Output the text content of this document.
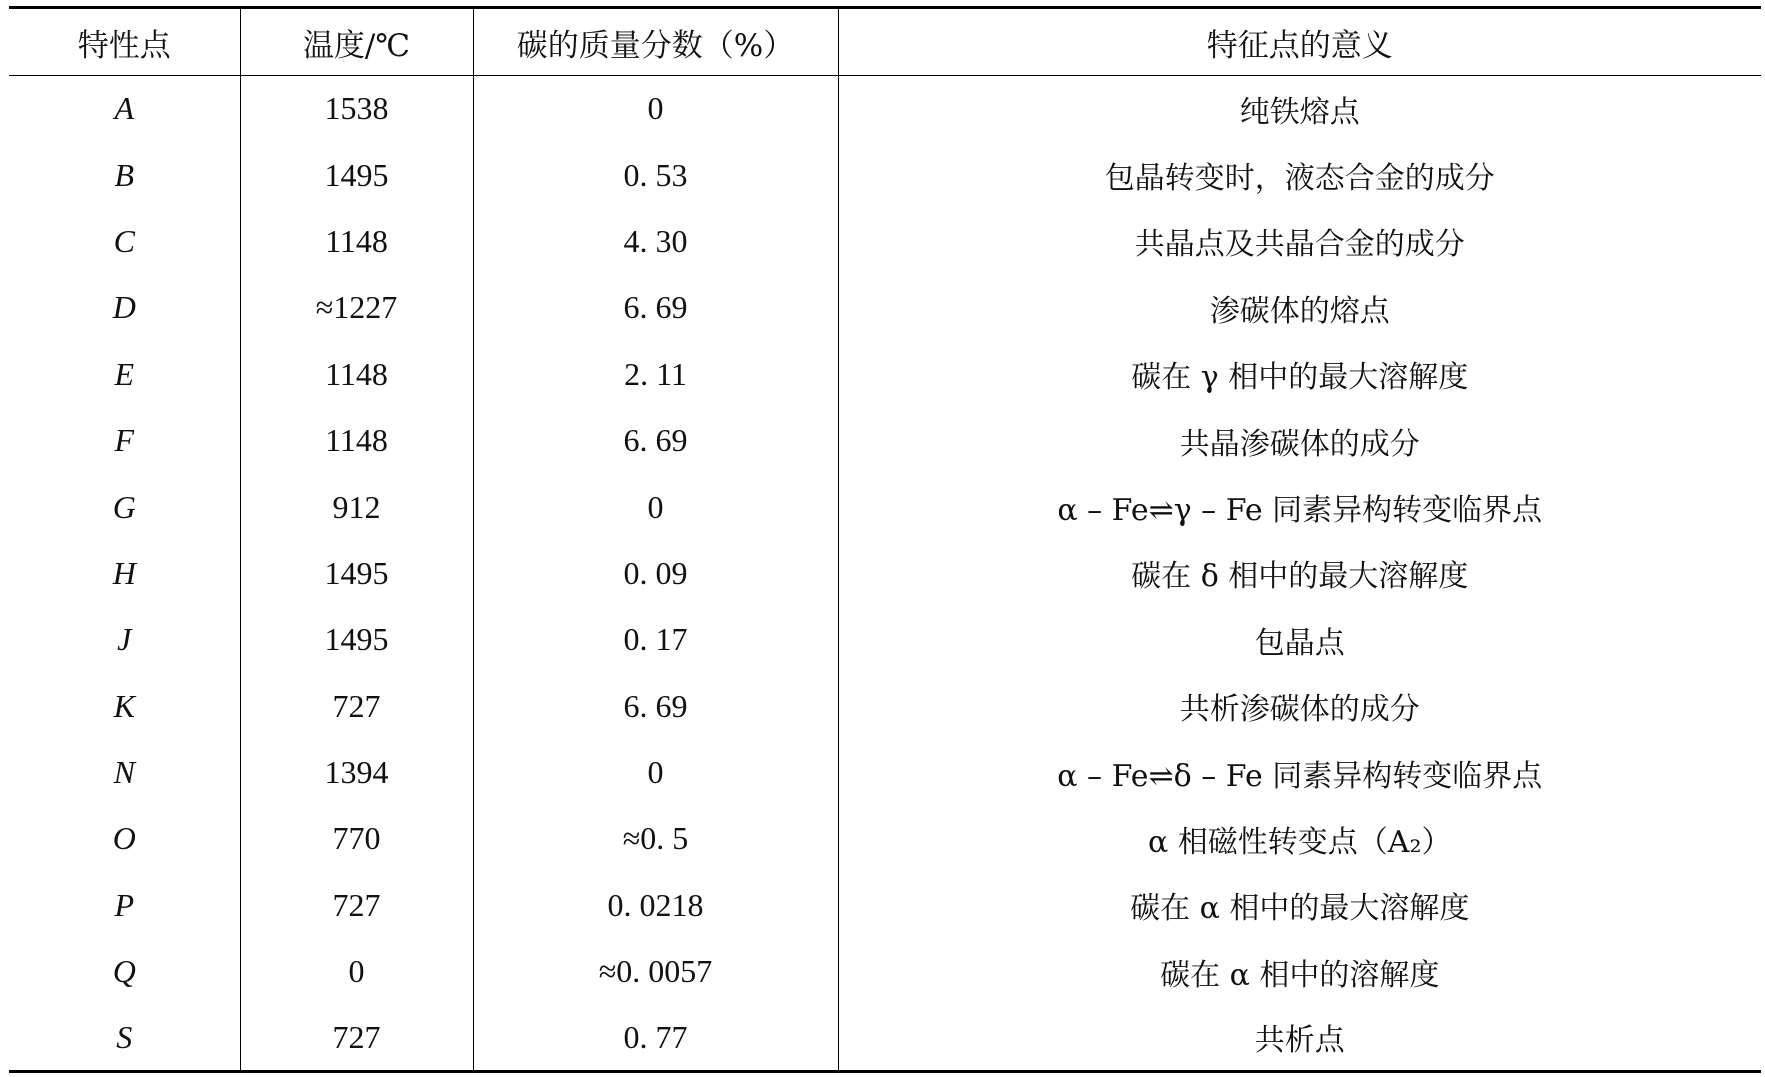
特性点	温度/℃	碳的质量分数（%）	特征点的意义
A	1538	0	纯铁熔点
B	1495	0. 53	包晶转变时，液态合金的成分
C	1148	4. 30	共晶点及共晶合金的成分
D	≈1227	6. 69	渗碳体的熔点
E	1148	2. 11	碳在 γ 相中的最大溶解度
F	1148	6. 69	共晶渗碳体的成分
G	912	0	α – Fe⇌γ – Fe 同素异构转变临界点
H	1495	0. 09	碳在 δ 相中的最大溶解度
J	1495	0. 17	包晶点
K	727	6. 69	共析渗碳体的成分
N	1394	0	α – Fe⇌δ – Fe 同素异构转变临界点
O	770	≈0. 5	α 相磁性转变点（A₂）
P	727	0. 0218	碳在 α 相中的最大溶解度
Q	0	≈0. 0057	碳在 α 相中的溶解度
S	727	0. 77	共析点
